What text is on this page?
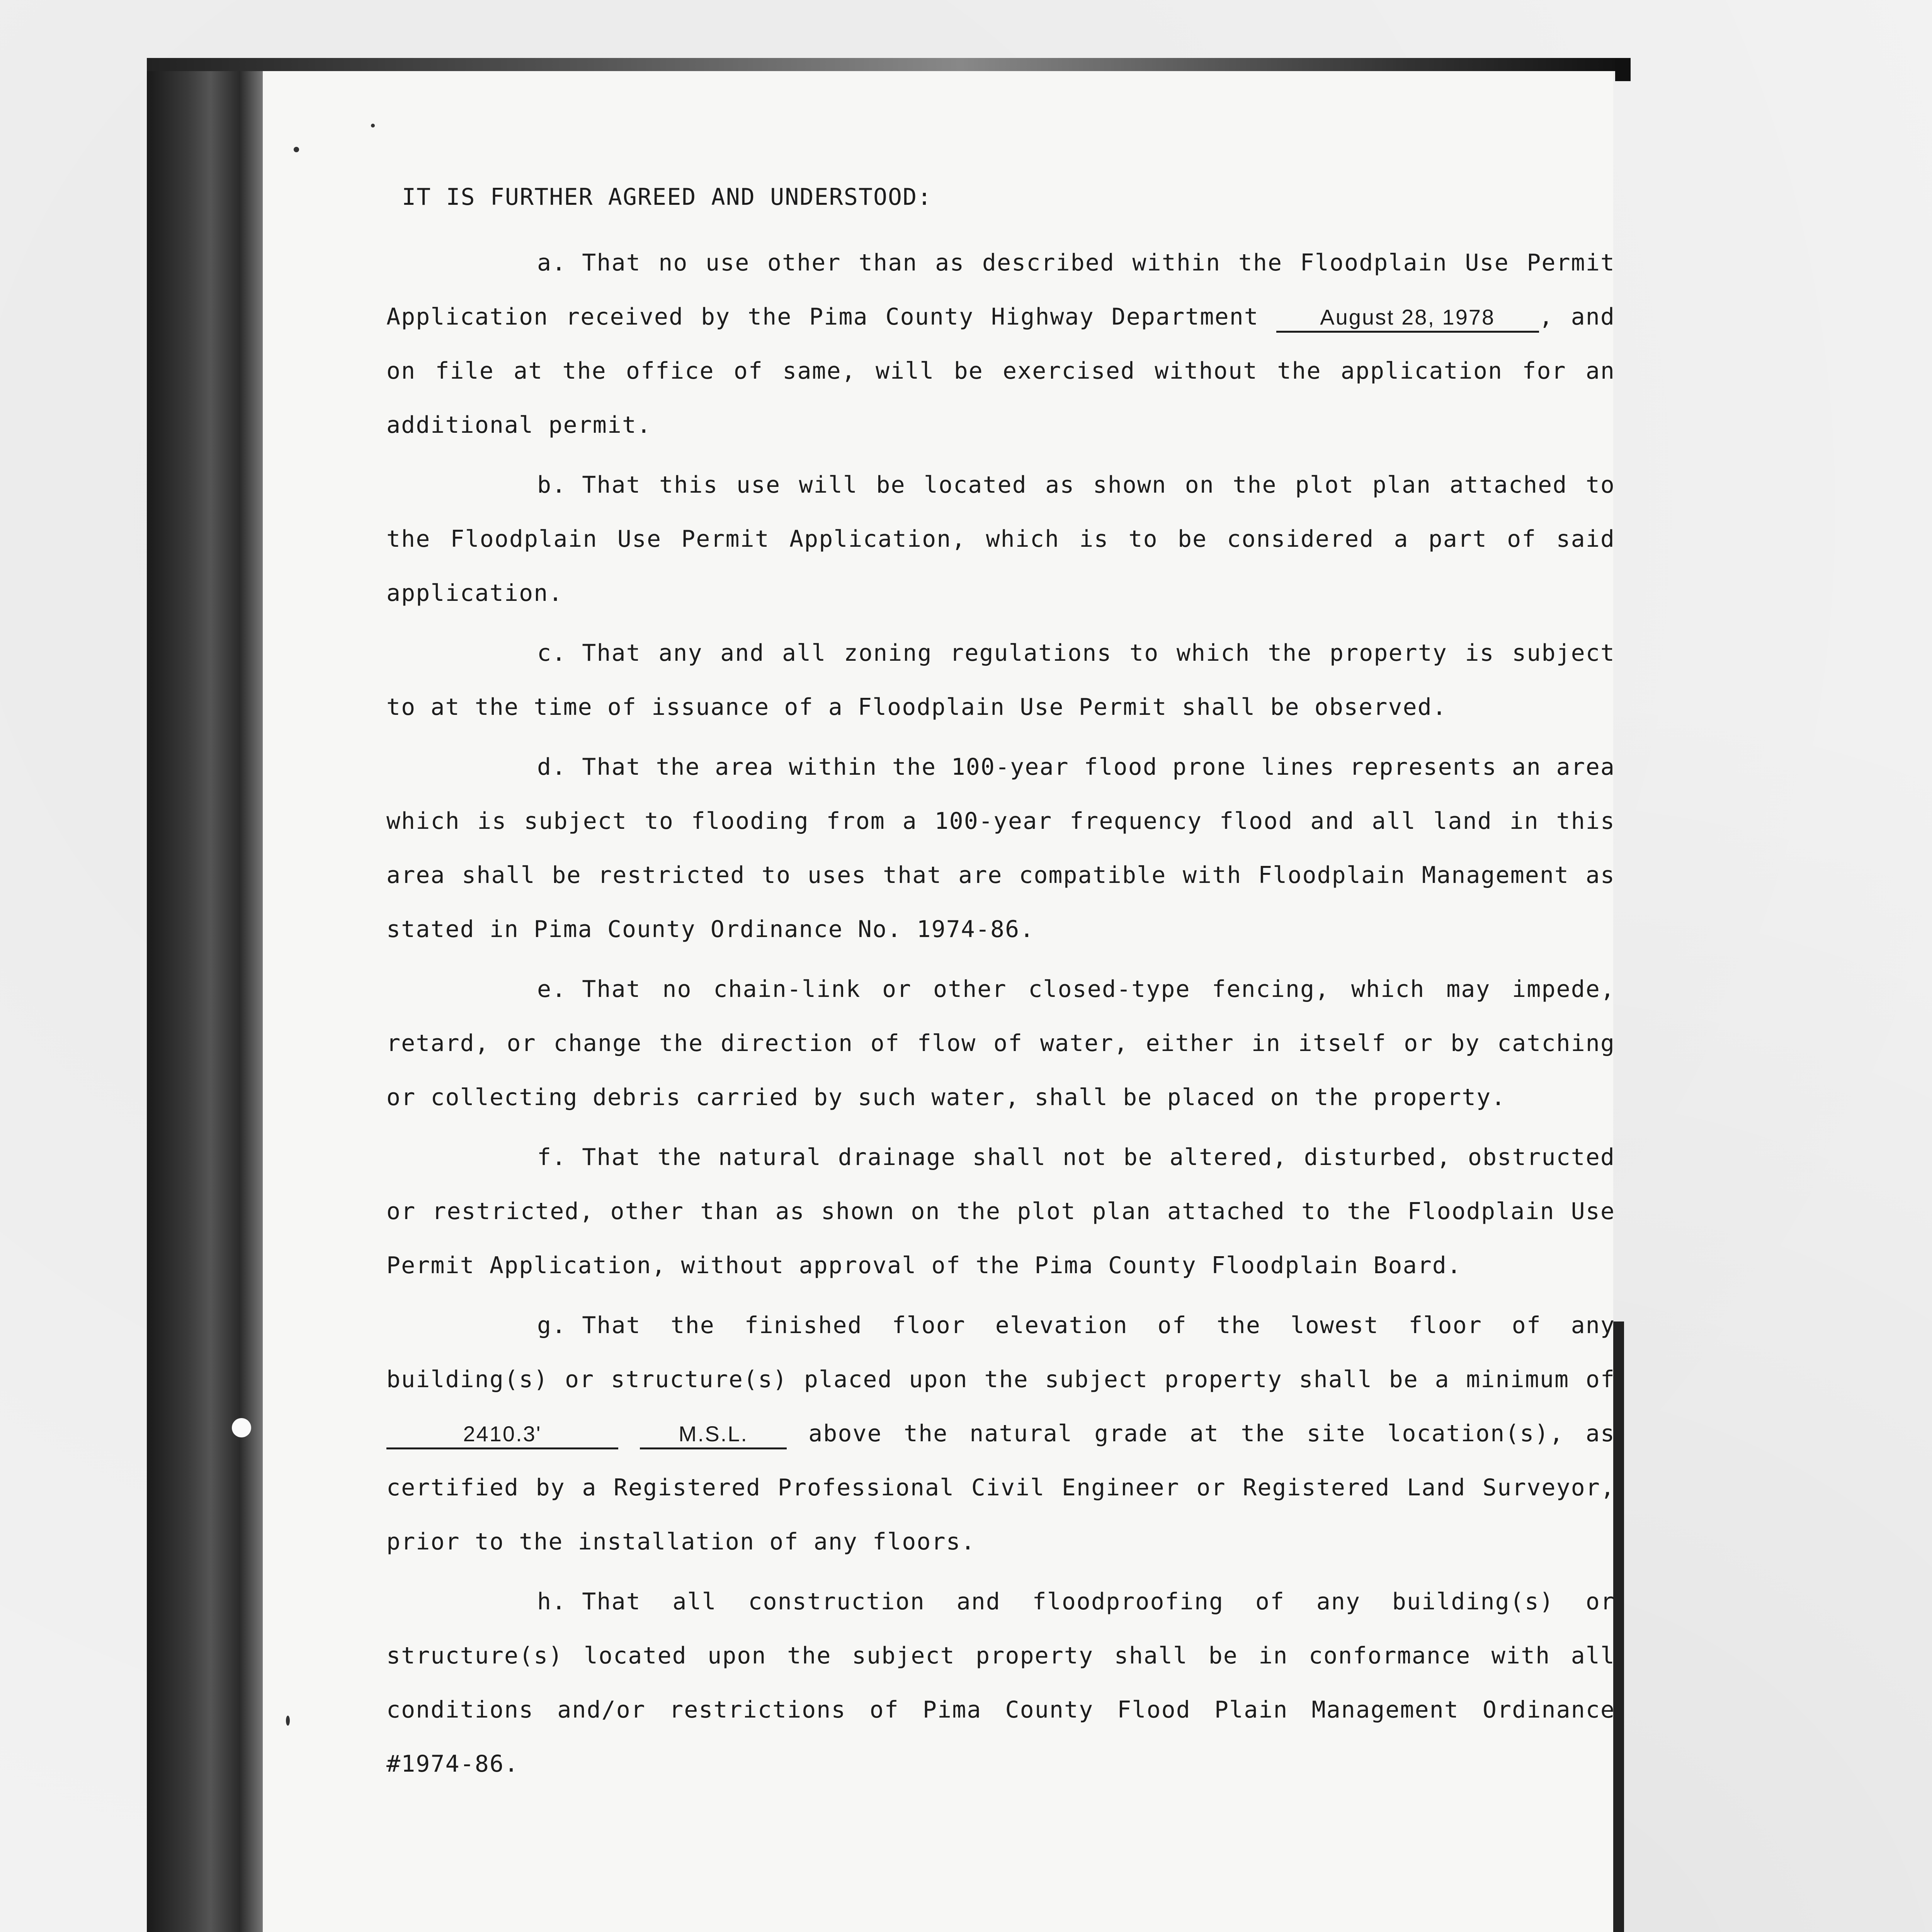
IT IS FURTHER AGREED AND UNDERSTOOD:
a. That no use other than as described within the Floodplain Use Permit Application received by the Pima County Highway Department	August 28, 1978 , and on file at the office of same, will be exercised without the application for an additional permit.
b. That this use will be located as shown on the plot plan attached to the Floodplain Use Permit Application, which is to be considered a part of said application.
c. That any and all zoning regulations to which the property is subject to at the time of issuance of a Floodplain Use Permit shall be observed.
d. That the area within the 100-year flood prone lines represents an area which is subject to flooding from a 100-year frequency flood and all land in this area shall be restricted to uses that are compatible with Floodplain Management as stated in Pima County Ordinance No. 1974-86.
e. That no chain-link or other closed-type fencing, which may impede, retard, or change the direction of flow of water, either in itself or by catching or collecting debris carried by such water, shall be placed on the property.
f. That the natural drainage shall not be altered, disturbed, obstructed or restricted, other than as shown on the plot plan attached to the Floodplain Use Permit Application, without approval of the Pima County Floodplain Board.
g. That the finished floor elevation of the lowest floor of any building(s) or structure(s) placed upon the subject property shall be a minimum of 2410.3'	M.S.L.	above the natural grade at the site location(s), as certified by a Registered Professional Civil Engineer or Registered Land Surveyor, prior to the installation of any floors.
h. That all construction and floodproofing of any building(s) or structure(s) located upon the subject property shall be in conformance with all conditions and/or restrictions of Pima County Flood Plain Management Ordinance #1974-86.
